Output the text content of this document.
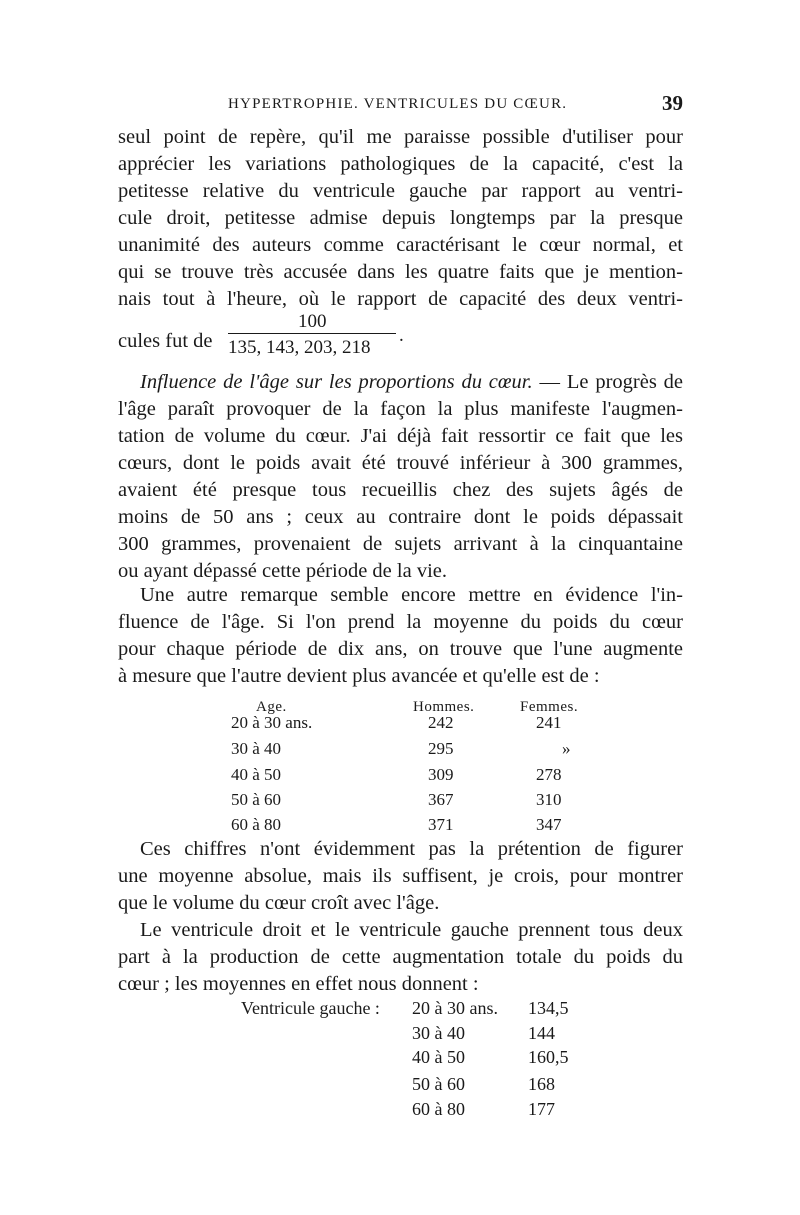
HYPERTROPHIE. VENTRICULES DU CŒUR.	39
seul point de repère, qu'il me paraisse possible d'utiliser pour
apprécier les variations pathologiques de la capacité, c'est la
petitesse relative du ventricule gauche par rapport au ventri-
cule droit, petitesse admise depuis longtemps par la presque
unanimité des auteurs comme caractérisant le cœur normal, et
qui se trouve très accusée dans les quatre faits que je mention-
nais tout à l'heure, où le rapport de capacité des deux ventri-
cules fut de
100
135, 143, 203, 218
.
Influence de l'âge sur les proportions du cœur. — Le progrès de
l'âge paraît provoquer de la façon la plus manifeste l'augmen-
tation de volume du cœur. J'ai déjà fait ressortir ce fait que les
cœurs, dont le poids avait été trouvé inférieur à 300 grammes,
avaient été presque tous recueillis chez des sujets âgés de
moins de 50 ans ; ceux au contraire dont le poids dépassait
300 grammes, provenaient de sujets arrivant à la cinquantaine
ou ayant dépassé cette période de la vie.
Une autre remarque semble encore mettre en évidence l'in-
fluence de l'âge. Si l'on prend la moyenne du poids du cœur
pour chaque période de dix ans, on trouve que l'une augmente
à mesure que l'autre devient plus avancée et qu'elle est de :
Age.	Hommes.	Femmes.
20 à 30 ans.	242	241
30 à 40	295	»
40 à 50	309	278
50 à 60	367	310
60 à 80	371	347
Ces chiffres n'ont évidemment pas la prétention de figurer
une moyenne absolue, mais ils suffisent, je crois, pour montrer
que le volume du cœur croît avec l'âge.
Le ventricule droit et le ventricule gauche prennent tous deux
part à la production de cette augmentation totale du poids du
cœur ; les moyennes en effet nous donnent :
Ventricule gauche : 20 à 30 ans. 134,5
30 à 40	144
40 à 50	160,5
50 à 60	168
60 à 80	177
